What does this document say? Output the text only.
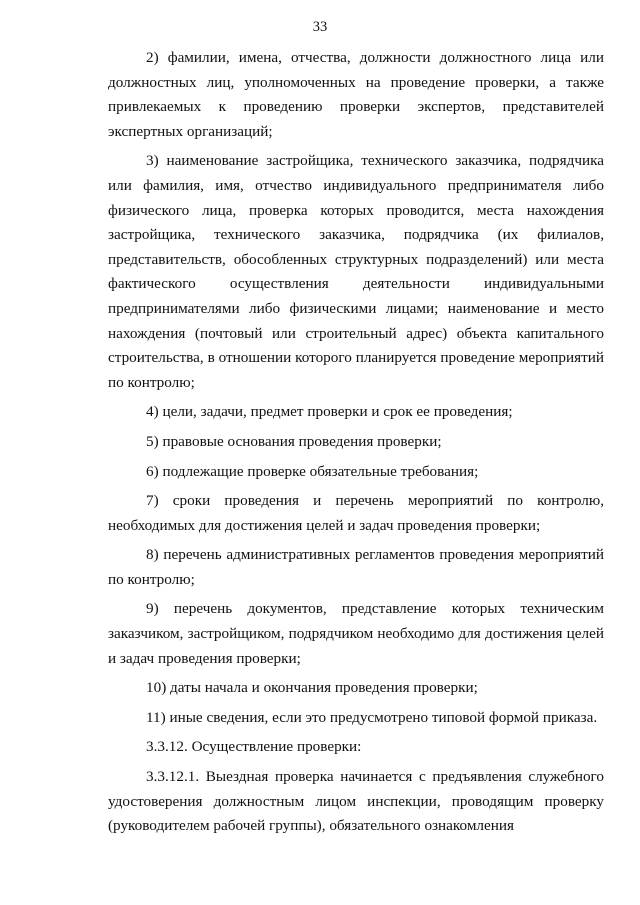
33

2) фамилии, имена, отчества, должности должностного лица или должностных лиц, уполномоченных на проведение проверки, а также привлекаемых к проведению проверки экспертов, представителей экспертных организаций;

3) наименование застройщика, технического заказчика, подрядчика или фамилия, имя, отчество индивидуального предпринимателя либо физического лица, проверка которых проводится, места нахождения застройщика, технического заказчика, подрядчика (их филиалов, представительств, обособленных структурных подразделений) или места фактического осуществления деятельности индивидуальными предпринимателями либо физическими лицами; наименование и место нахождения (почтовый или строительный адрес) объекта капитального строительства, в отношении которого планируется проведение мероприятий по контролю;

4) цели, задачи, предмет проверки и срок ее проведения;

5) правовые основания проведения проверки;

6) подлежащие проверке обязательные требования;

7) сроки проведения и перечень мероприятий по контролю, необходимых для достижения целей и задач проведения проверки;

8) перечень административных регламентов проведения мероприятий по контролю;

9) перечень документов, представление которых техническим заказчиком, застройщиком, подрядчиком необходимо для достижения целей и задач проведения проверки;

10) даты начала и окончания проведения проверки;

11) иные сведения, если это предусмотрено типовой формой приказа.

3.3.12. Осуществление проверки:

3.3.12.1. Выездная проверка начинается с предъявления служебного удостоверения должностным лицом инспекции, проводящим проверку (руководителем рабочей группы), обязательного ознакомления
